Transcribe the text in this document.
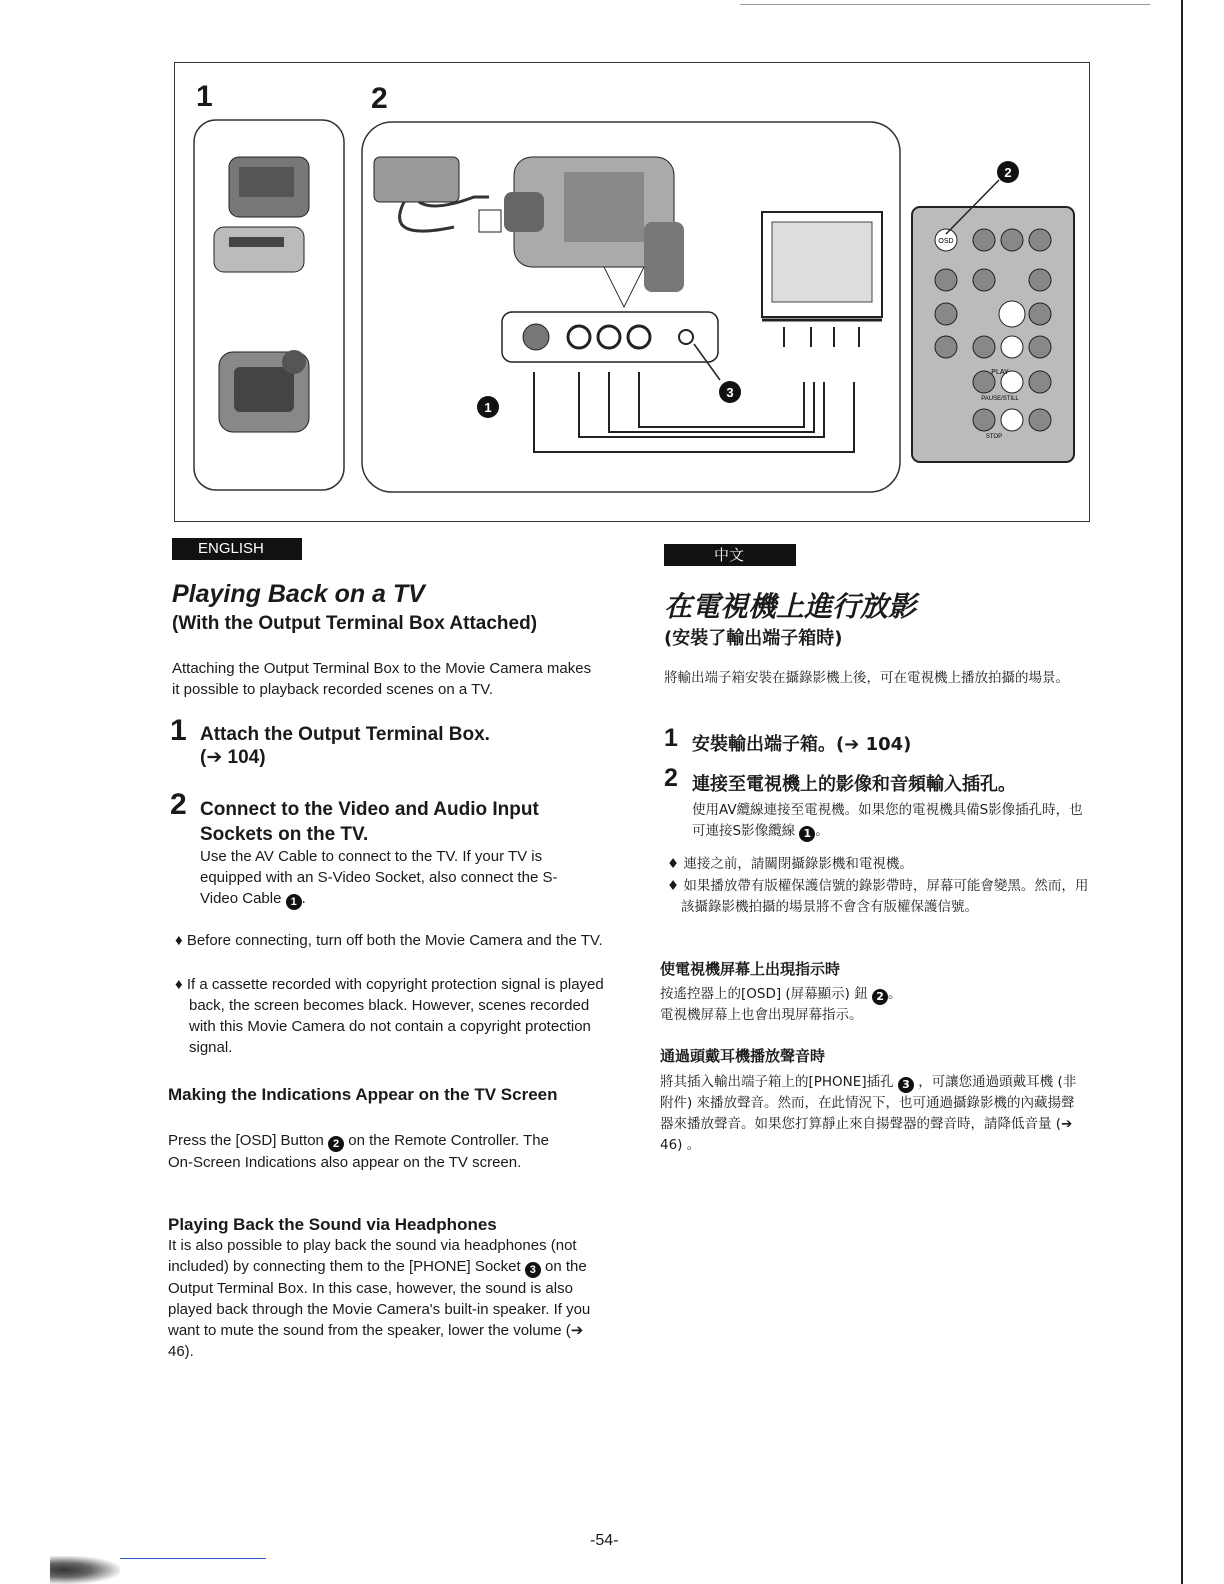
1	2
1
2
3
OSD
PLAY
PAUSE/STILL
STOP
ENGLISH
Playing Back on a TV
(With the Output Terminal Box Attached)
Attaching the Output Terminal Box to the Movie Camera makes it possible to playback recorded scenes on a TV.
1 Attach the Output Terminal Box.
(➔ 104)
2 Connect to the Video and Audio Input Sockets on the TV.
Use the AV Cable to connect to the TV. If your TV is equipped with an S-Video Socket, also connect the S-Video Cable 1 .
♦ Before connecting, turn off both the Movie Camera and the TV.
♦ If a cassette recorded with copyright protection signal is played back, the screen becomes black. However, scenes recorded with this Movie Camera do not contain a copyright protection signal.
Making the Indications Appear on the TV Screen
Press the [OSD] Button 2 on the Remote Controller. The On-Screen Indications also appear on the TV screen.
Playing Back the Sound via Headphones
It is also possible to play back the sound via headphones (not included) by connecting them to the [PHONE] Socket 3 on the Output Terminal Box. In this case, however, the sound is also played back through the Movie Camera's built-in speaker. If you want to mute the sound from the speaker, lower the volume (➔ 46).
中文
在電視機上進行放影
(安裝了輸出端子箱時)
將輸出端子箱安裝在攝錄影機上後，可在電視機上播放拍攝的場景。
1 安裝輸出端子箱。(➔ 104)
2 連接至電視機上的影像和音頻輸入插孔。
使用AV纜線連接至電視機。如果您的電視機具備S影像插孔時，也可連接S影像纜線 1 。
♦ 連接之前，請關閉攝錄影機和電視機。
♦ 如果播放帶有版權保護信號的錄影帶時，屏幕可能會變黑。然而，用該攝錄影機拍攝的場景將不會含有版權保護信號。
使電視機屏幕上出現指示時
按遙控器上的[OSD] (屏幕顯示) 鈕 2 。
電視機屏幕上也會出現屏幕指示。
通過頭戴耳機播放聲音時
將其插入輸出端子箱上的[PHONE]插孔 3 ，可讓您通過頭戴耳機 (非附件) 來播放聲音。然而，在此情況下，也可通過攝錄影機的內藏揚聲器來播放聲音。如果您打算靜止來自揚聲器的聲音時，請降低音量 (➔ 46) 。
-54-
